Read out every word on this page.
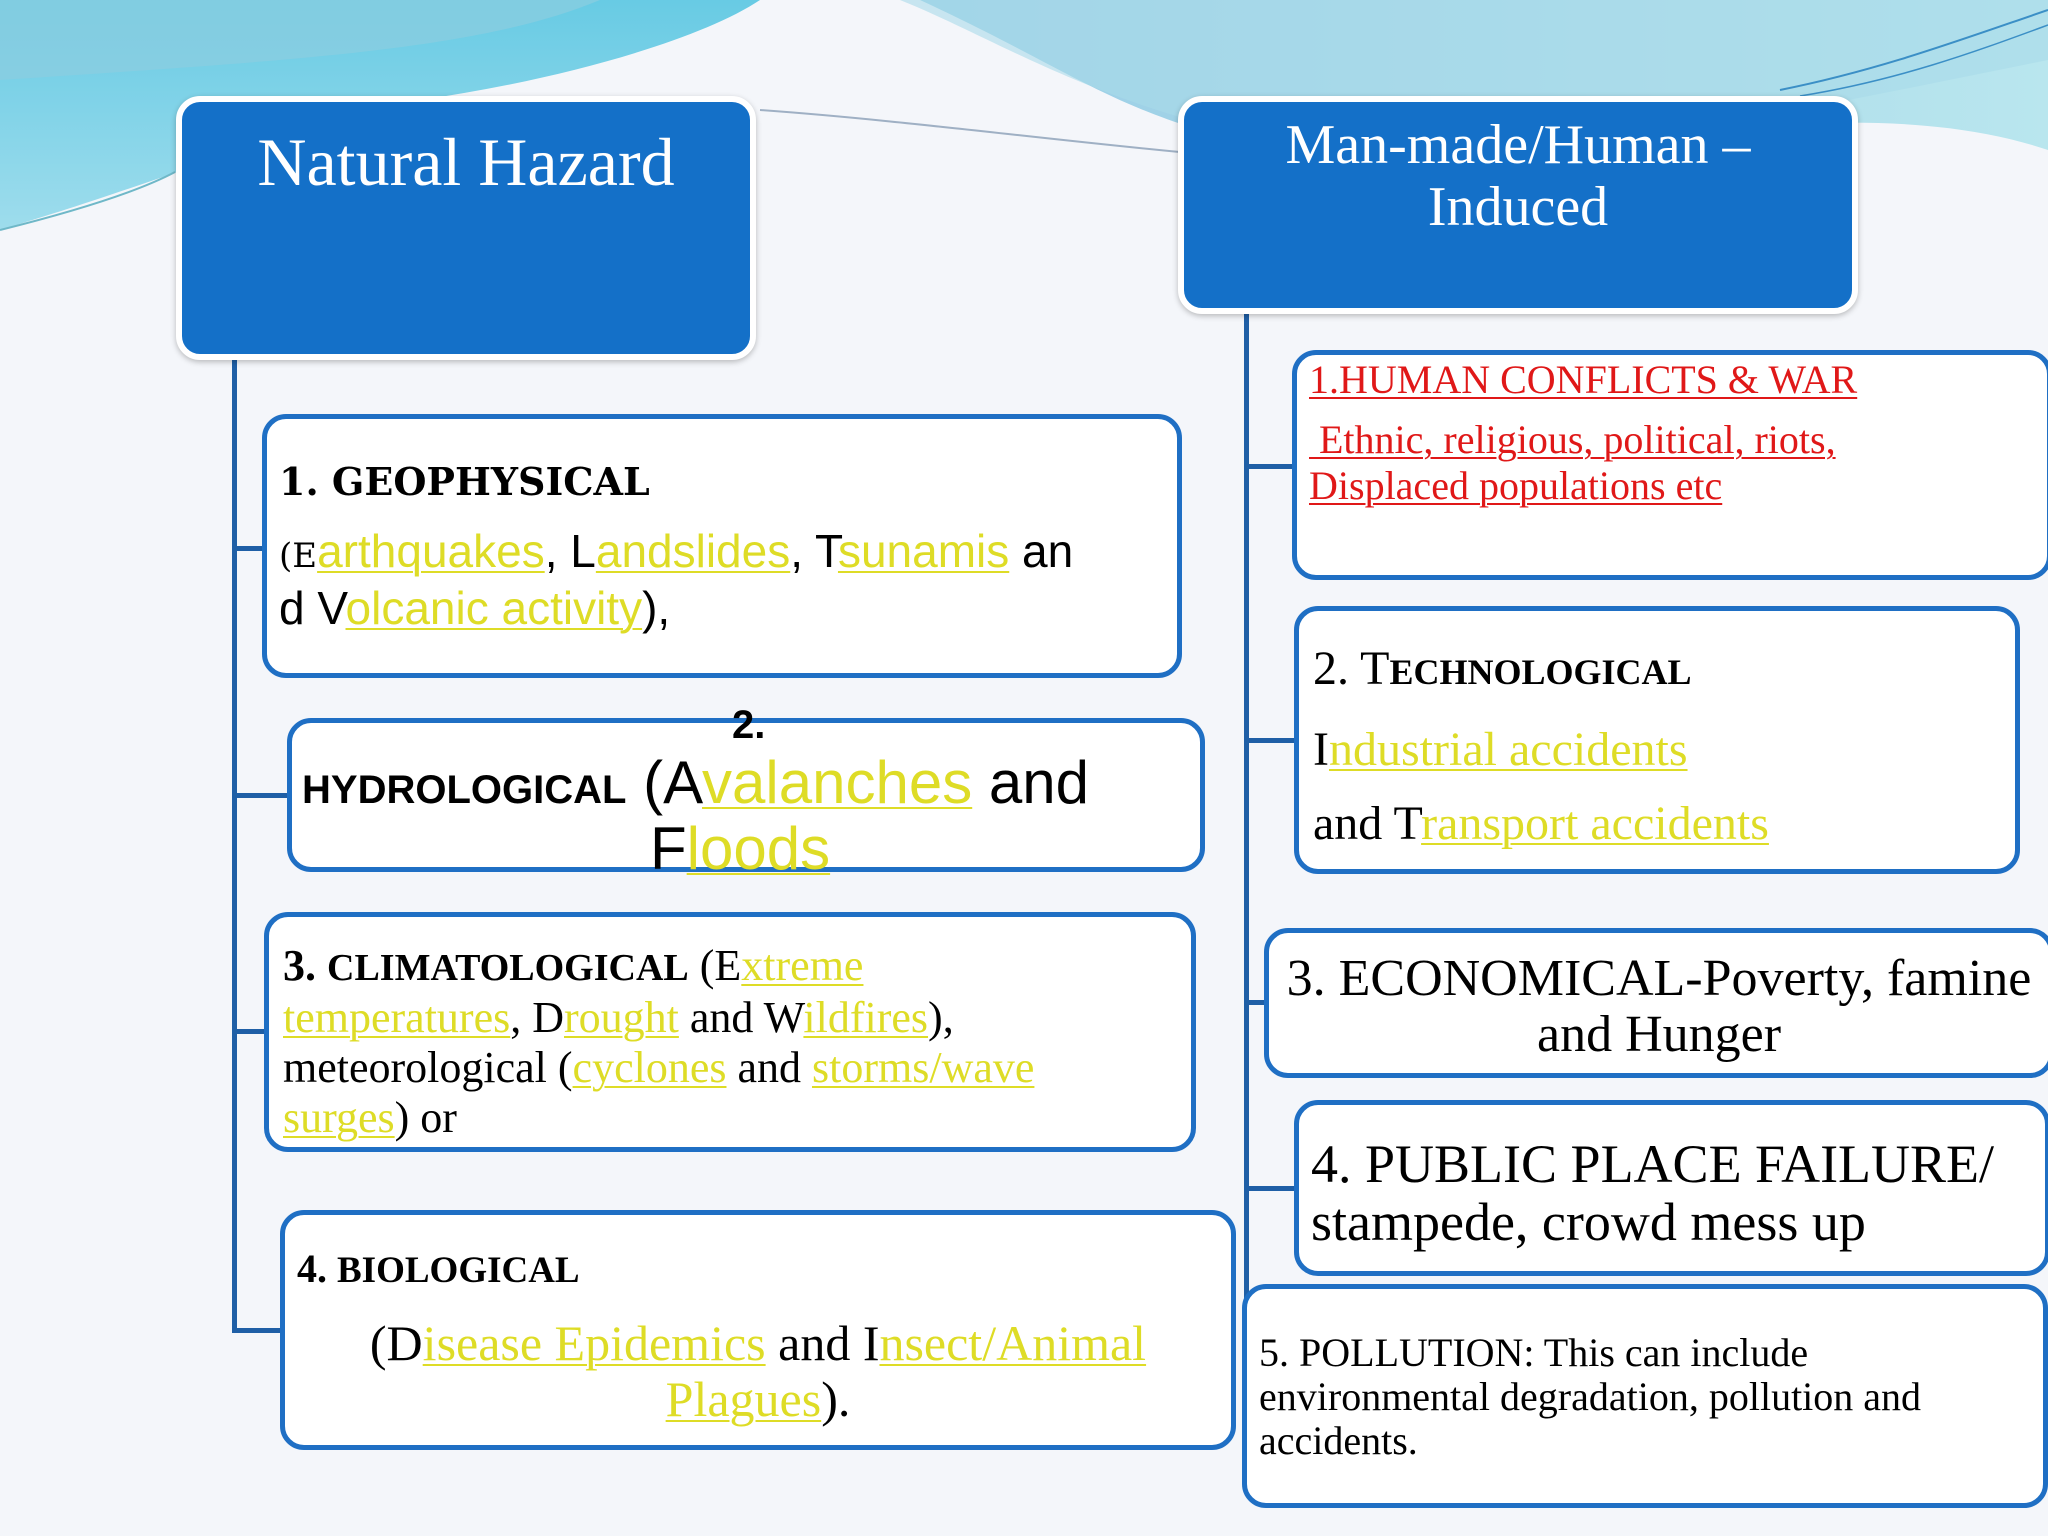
Natural Hazard	Man-made/Human –
Induced
1. GEOPHYSICAL
(Earthquakes, Landslides, Tsunamis an
d Volcanic activity),
2.
HYDROLOGICAL (Avalanches and
Floods
3. CLIMATOLOGICAL (Extreme
temperatures, Drought and Wildfires),
meteorological (cyclones and storms/wave
surges) or
4. BIOLOGICAL
(Disease Epidemics and Insect/Animal
Plagues).
1.HUMAN CONFLICTS & WAR

Ethnic, religious, political, riots,
Displaced populations etc
2. TECHNOLOGICAL
Industrial accidents
and Transport accidents
3. ECONOMICAL-Poverty, famine
and Hunger
4. PUBLIC PLACE FAILURE/
stampede, crowd mess up
5. POLLUTION: This can include
environmental degradation, pollution and
accidents.
